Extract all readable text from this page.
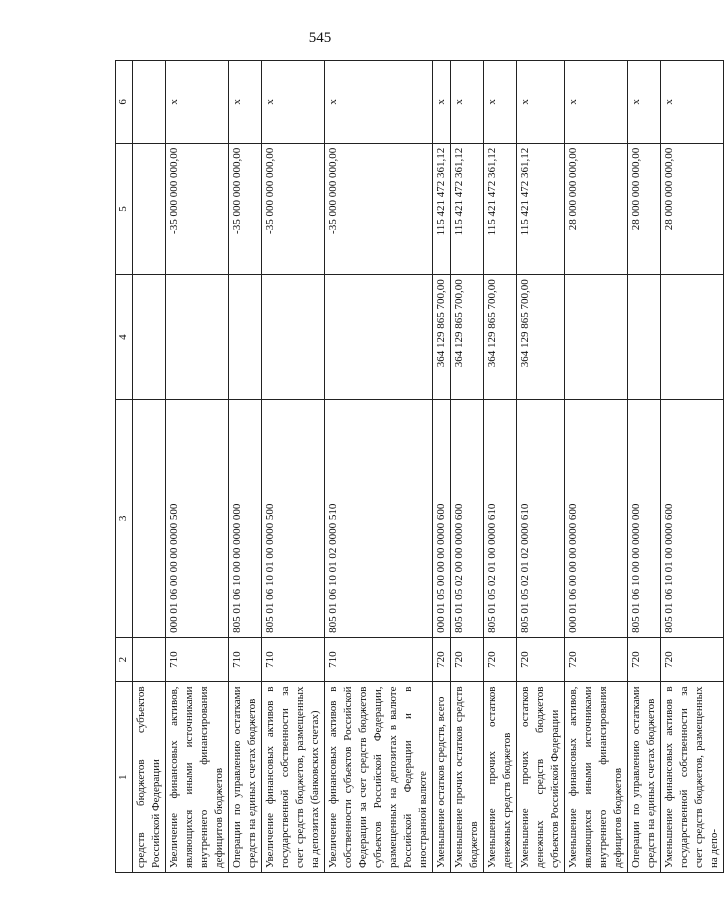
545
1	2	3	4	5	6
средств бюджетов субъектов Российской Федерации					
Увеличение финансовых активов, являющихся иными источниками внутреннего финансирования дефицитов бюджетов	710	000 01 06 00 00 00 0000 500		-35 000 000 000,00	x
Операции по управлению остатками средств на единых счетах бюджетов	710	805 01 06 10 00 00 0000 000		-35 000 000 000,00	x
Увеличение финансовых активов в государственной собственности за счет средств бюджетов, размещенных на депозитах (банковских счетах)	710	805 01 06 10 01 00 0000 500		-35 000 000 000,00	x
Увеличение финансовых активов в собственности субъектов Российской Федерации за счет средств бюджетов субъектов Российской Федерации, размещенных на депозитах в валюте Российской Федерации и в иностранной валюте	710	805 01 06 10 01 02 0000 510		-35 000 000 000,00	x
Уменьшение остатков средств, всего	720	000 01 05 00 00 00 0000 600	364 129 865 700,00	115 421 472 361,12	x
Уменьшение прочих остатков средств бюджетов	720	805 01 05 02 00 00 0000 600	364 129 865 700,00	115 421 472 361,12	x
Уменьшение прочих остатков денежных средств бюджетов	720	805 01 05 02 01 00 0000 610	364 129 865 700,00	115 421 472 361,12	x
Уменьшение прочих остатков денежных средств бюджетов субъектов Российской Федерации	720	805 01 05 02 01 02 0000 610	364 129 865 700,00	115 421 472 361,12	x
Уменьшение финансовых активов, являющихся иными источниками внутреннего финансирования дефицитов бюджетов	720	000 01 06 00 00 00 0000 600		28 000 000 000,00	x
Операции по управлению остатками средств на единых счетах бюджетов	720	805 01 06 10 00 00 0000 000		28 000 000 000,00	x
Уменьшение финансовых активов в государственной собственности за счет средств бюджетов, размещенных на депо-	720	805 01 06 10 01 00 0000 600		28 000 000 000,00	x
